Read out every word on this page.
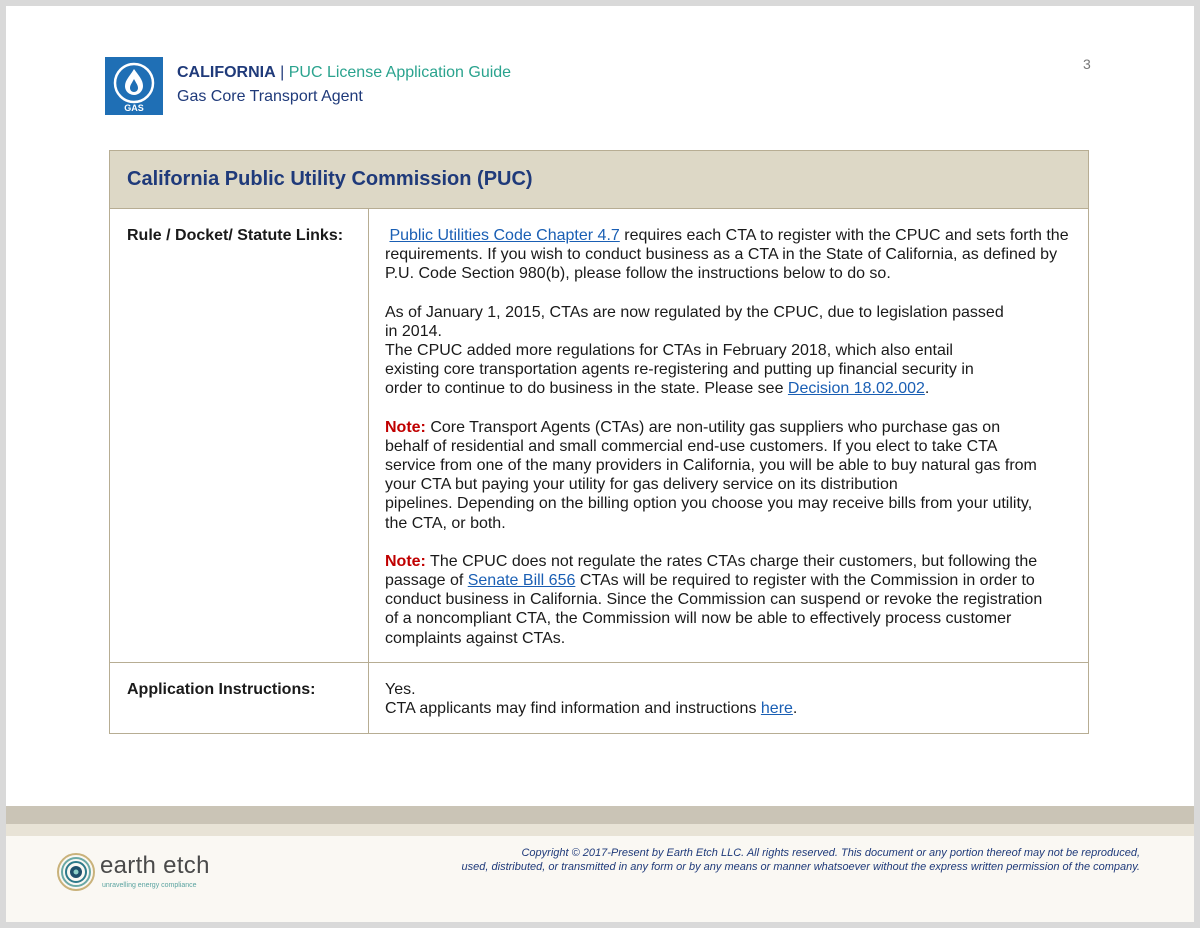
GAS
CALIFORNIA | PUC License Application Guide
Gas Core Transport Agent
3
California Public Utility Commission (PUC)
Rule / Docket/ Statute Links:	Public Utilities Code Chapter 4.7 requires each CTA to register with the CPUC and sets forth the requirements. If you wish to conduct business as a CTA in the State of California, as defined by P.U. Code Section 980(b), please follow the instructions below to do so.

As of January 1, 2015, CTAs are now regulated by the CPUC, due to legislation passed
in 2014.
The CPUC added more regulations for CTAs in February 2018, which also entail
existing core transportation agents re-registering and putting up financial security in
order to continue to do business in the state. Please see Decision 18.02.002.

Note: Core Transport Agents (CTAs) are non-utility gas suppliers who purchase gas on
behalf of residential and small commercial end-use customers. If you elect to take CTA
service from one of the many providers in California, you will be able to buy natural gas from
your CTA but paying your utility for gas delivery service on its distribution
pipelines. Depending on the billing option you choose you may receive bills from your utility,
the CTA, or both.

Note: The CPUC does not regulate the rates CTAs charge their customers, but following the
passage of Senate Bill 656 CTAs will be required to register with the Commission in order to
conduct business in California. Since the Commission can suspend or revoke the registration
of a noncompliant CTA, the Commission will now be able to effectively process customer
complaints against CTAs.

Application Instructions:	Yes.
CTA applicants may find information and instructions here.
earth etch
unravelling energy compliance
Copyright © 2017-Present by Earth Etch LLC. All rights reserved. This document or any portion thereof may not be reproduced,
used, distributed, or transmitted in any form or by any means or manner whatsoever without the express written permission of the company.
